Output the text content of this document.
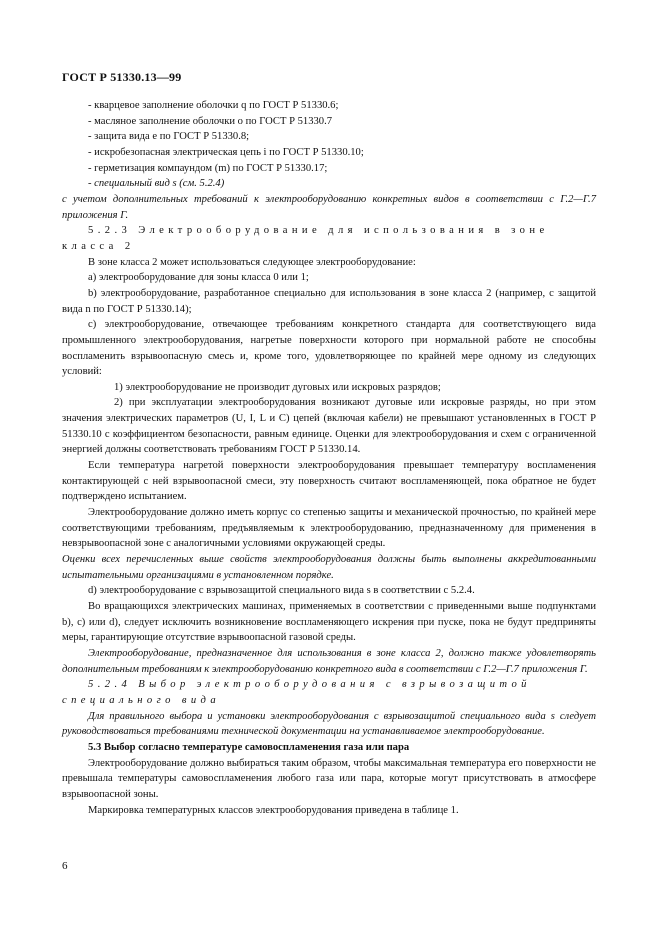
ГОСТ Р 51330.13—99

- кварцевое заполнение оболочки q по ГОСТ Р 51330.6;

- масляное заполнение оболочки o по ГОСТ Р 51330.7

- защита вида e по ГОСТ Р 51330.8;

- искробезопасная электрическая цепь i по ГОСТ Р 51330.10;

- герметизация компаундом (m) по ГОСТ Р 51330.17;

- специальный вид s (см. 5.2.4)

с учетом дополнительных требований к электрооборудованию конкретных видов в соответствии с Г.2—Г.7 приложения Г.

5.2.3 Электрооборудование для использования в зоне класса 2

В зоне класса 2 может использоваться следующее электрооборудование:

а) электрооборудование для зоны класса 0 или 1;

b) электрооборудование, разработанное специально для использования в зоне класса 2 (например, с защитой вида n по ГОСТ Р 51330.14);

с) электрооборудование, отвечающее требованиям конкретного стандарта для соответствующего вида промышленного электрооборудования, нагретые поверхности которого при нормальной работе не способны воспламенить взрывоопасную смесь и, кроме того, удовлетворяющее по крайней мере одному из следующих условий:

1) электрооборудование не производит дуговых или искровых разрядов;

2) при эксплуатации электрооборудования возникают дуговые или искровые разряды, но при этом значения электрических параметров (U, I, L и C) цепей (включая кабели) не превышают установленных в ГОСТ Р 51330.10 с коэффициентом безопасности, равным единице. Оценки для электрооборудования и схем с ограниченной энергией должны соответствовать требованиям ГОСТ Р 51330.14.

Если температура нагретой поверхности электрооборудования превышает температуру воспламенения контактирующей с ней взрывоопасной смеси, эту поверхность считают воспламеняющей, пока обратное не будет подтверждено испытанием.

Электрооборудование должно иметь корпус со степенью защиты и механической прочностью, по крайней мере соответствующими требованиям, предъявляемым к электрооборудованию, предназначенному для применения в невзрывоопасной зоне с аналогичными условиями окружающей среды.

Оценки всех перечисленных выше свойств электрооборудования должны быть выполнены аккредитованными испытательными организациями в установленном порядке.

d) электрооборудование с взрывозащитой специального вида s в соответствии с 5.2.4.

Во вращающихся электрических машинах, применяемых в соответствии с приведенными выше подпунктами b), с) или d), следует исключить возникновение воспламеняющего искрения при пуске, пока не будут предприняты меры, гарантирующие отсутствие взрывоопасной газовой среды.

Электрооборудование, предназначенное для использования в зоне класса 2, должно также удовлетворять дополнительным требованиям к электрооборудованию конкретного вида в соответствии с Г.2—Г.7 приложения Г.

5.2.4 Выбор электрооборудования с взрывозащитой специального вида

Для правильного выбора и установки электрооборудования с взрывозащитой специального вида s следует руководствоваться требованиями технической документации на устанавливаемое электрооборудование.

5.3 Выбор согласно температуре самовоспламенения газа или пара

Электрооборудование должно выбираться таким образом, чтобы максимальная температура его поверхности не превышала температуры самовоспламенения любого газа или пара, которые могут присутствовать в атмосфере взрывоопасной зоны.

Маркировка температурных классов электрооборудования приведена в таблице 1.

6
